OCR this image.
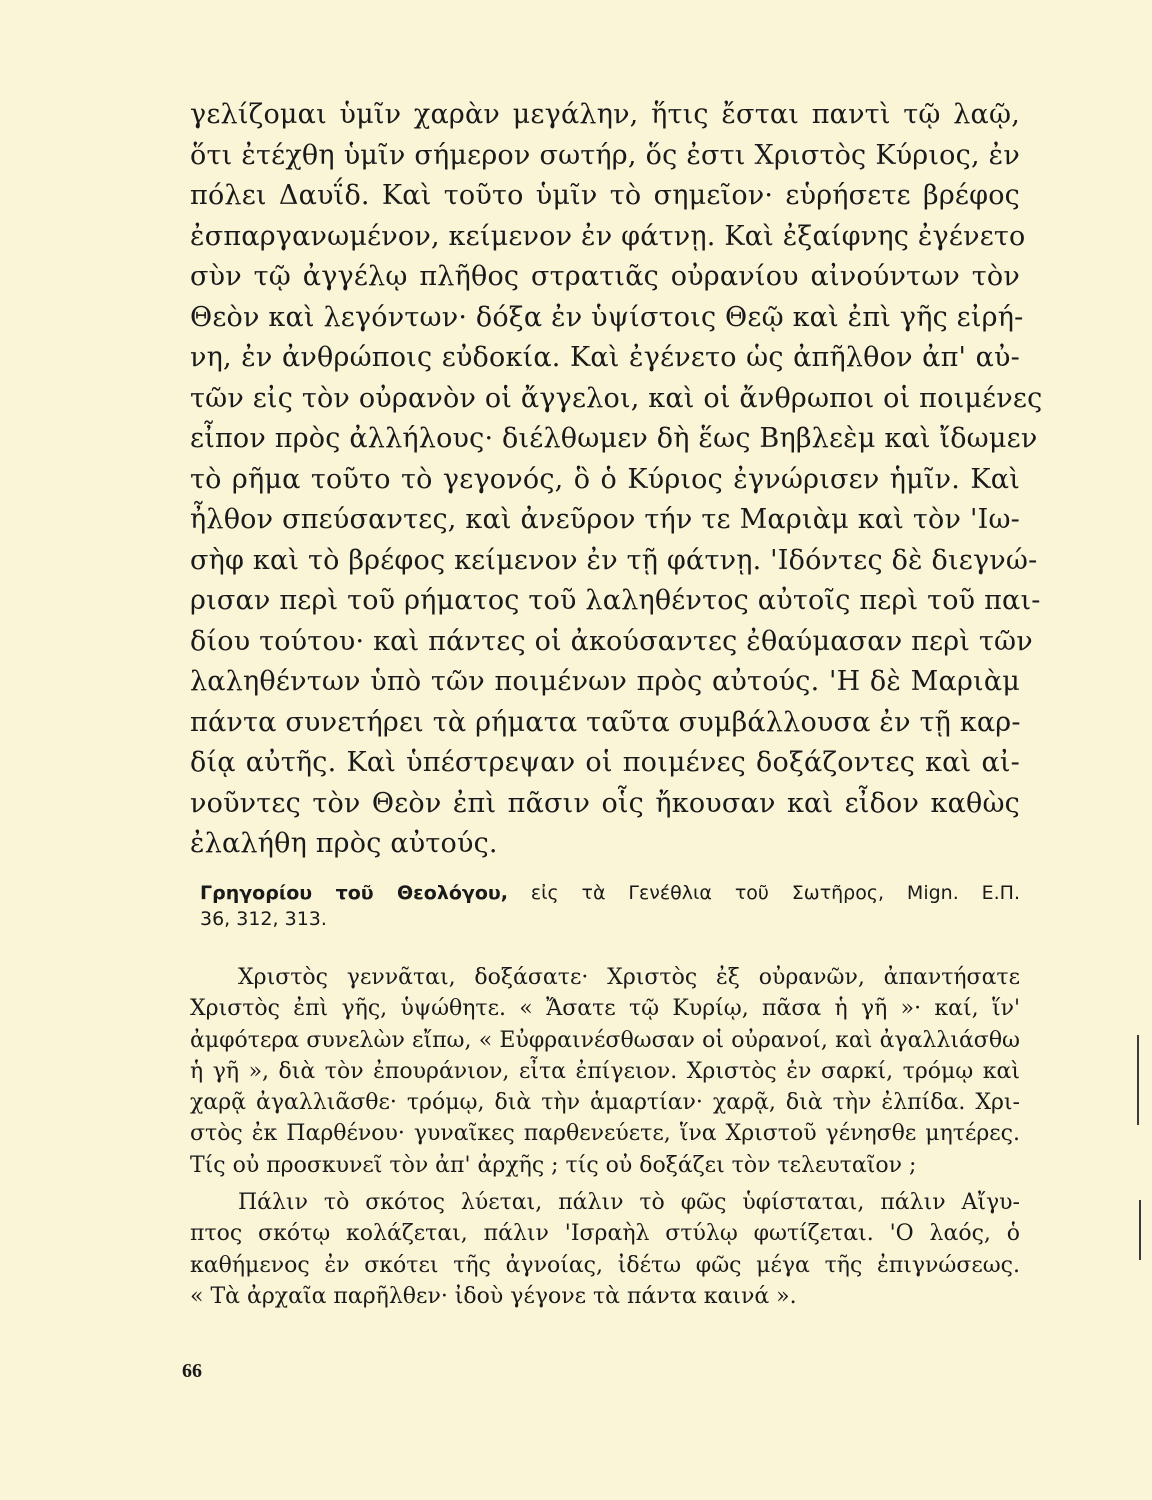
γελίζομαι ὑμῖν χαρὰν μεγάλην, ἥτις ἔσται παντὶ τῷ λαῷ,
ὅτι ἐτέχθη ὑμῖν σήμερον σωτήρ, ὅς ἐστι Χριστὸς Κύριος, ἐν
πόλει Δαυΐδ. Καὶ τοῦτο ὑμῖν τὸ σημεῖον· εὑρήσετε βρέφος
ἐσπαργανωμένον, κείμενον ἐν φάτνῃ. Καὶ ἐξαίφνης ἐγένετο
σὺν τῷ ἀγγέλῳ πλῆθος στρατιᾶς οὐρανίου αἰνούντων τὸν
Θεὸν καὶ λεγόντων· δόξα ἐν ὑψίστοις Θεῷ καὶ ἐπὶ γῆς εἰρή-
νη, ἐν ἀνθρώποις εὐδοκία. Καὶ ἐγένετο ὡς ἀπῆλθον ἀπ' αὐ-
τῶν εἰς τὸν οὐρανὸν οἱ ἄγγελοι, καὶ οἱ ἄνθρωποι οἱ ποιμένες
εἶπον πρὸς ἀλλήλους· διέλθωμεν δὴ ἕως Βηβλεὲμ καὶ ἴδωμεν
τὸ ρῆμα τοῦτο τὸ γεγονός, ὃ ὁ Κύριος ἐγνώρισεν ἡμῖν. Καὶ
ἦλθον σπεύσαντες, καὶ ἀνεῦρον τήν τε Μαριὰμ καὶ τὸν 'Ιω-
σὴφ καὶ τὸ βρέφος κείμενον ἐν τῇ φάτνῃ. 'Ιδόντες δὲ διεγνώ-
ρισαν περὶ τοῦ ρήματος τοῦ λαληθέντος αὐτοῖς περὶ τοῦ παι-
δίου τούτου· καὶ πάντες οἱ ἀκούσαντες ἐθαύμασαν περὶ τῶν
λαληθέντων ὑπὸ τῶν ποιμένων πρὸς αὐτούς. 'Η δὲ Μαριὰμ
πάντα συνετήρει τὰ ρήματα ταῦτα συμβάλλουσα ἐν τῇ καρ-
δίᾳ αὐτῆς. Καὶ ὑπέστρεψαν οἱ ποιμένες δοξάζοντες καὶ αἰ-
νοῦντες τὸν Θεὸν ἐπὶ πᾶσιν οἷς ἤκουσαν καὶ εἶδον καθὼς
ἐλαλήθη πρὸς αὐτούς.
Γρηγορίου τοῦ Θεολόγου, εἰς τὰ Γενέθλια τοῦ Σωτῆρος, Mign. Ε.Π.
36, 312, 313.
Χριστὸς γεννᾶται, δοξάσατε· Χριστὸς ἐξ οὐρανῶν, ἀπαντήσατε
Χριστὸς ἐπὶ γῆς, ὑψώθητε. « Ἄσατε τῷ Κυρίῳ, πᾶσα ἡ γῆ »· καί, ἵν'
ἀμφότερα συνελὼν εἴπω, « Εὐφραινέσθωσαν οἱ οὐρανοί, καὶ ἀγαλλιάσθω
ἡ γῆ », διὰ τὸν ἐπουράνιον, εἶτα ἐπίγειον. Χριστὸς ἐν σαρκί, τρόμῳ καὶ
χαρᾷ ἀγαλλιᾶσθε· τρόμῳ, διὰ τὴν ἁμαρτίαν· χαρᾷ, διὰ τὴν ἐλπίδα. Χρι-
στὸς ἐκ Παρθένου· γυναῖκες παρθενεύετε, ἵνα Χριστοῦ γένησθε μητέρες.
Τίς οὐ προσκυνεῖ τὸν ἀπ' ἀρχῆς ; τίς οὐ δοξάζει τὸν τελευταῖον ;
Πάλιν τὸ σκότος λύεται, πάλιν τὸ φῶς ὑφίσταται, πάλιν Αἴγυ-
πτος σκότῳ κολάζεται, πάλιν 'Ισραὴλ στύλῳ φωτίζεται. 'Ο λαός, ὁ
καθήμενος ἐν σκότει τῆς ἀγνοίας, ἰδέτω φῶς μέγα τῆς ἐπιγνώσεως.
« Τὰ ἀρχαῖα παρῆλθεν· ἰδοὺ γέγονε τὰ πάντα καινά ».
66
